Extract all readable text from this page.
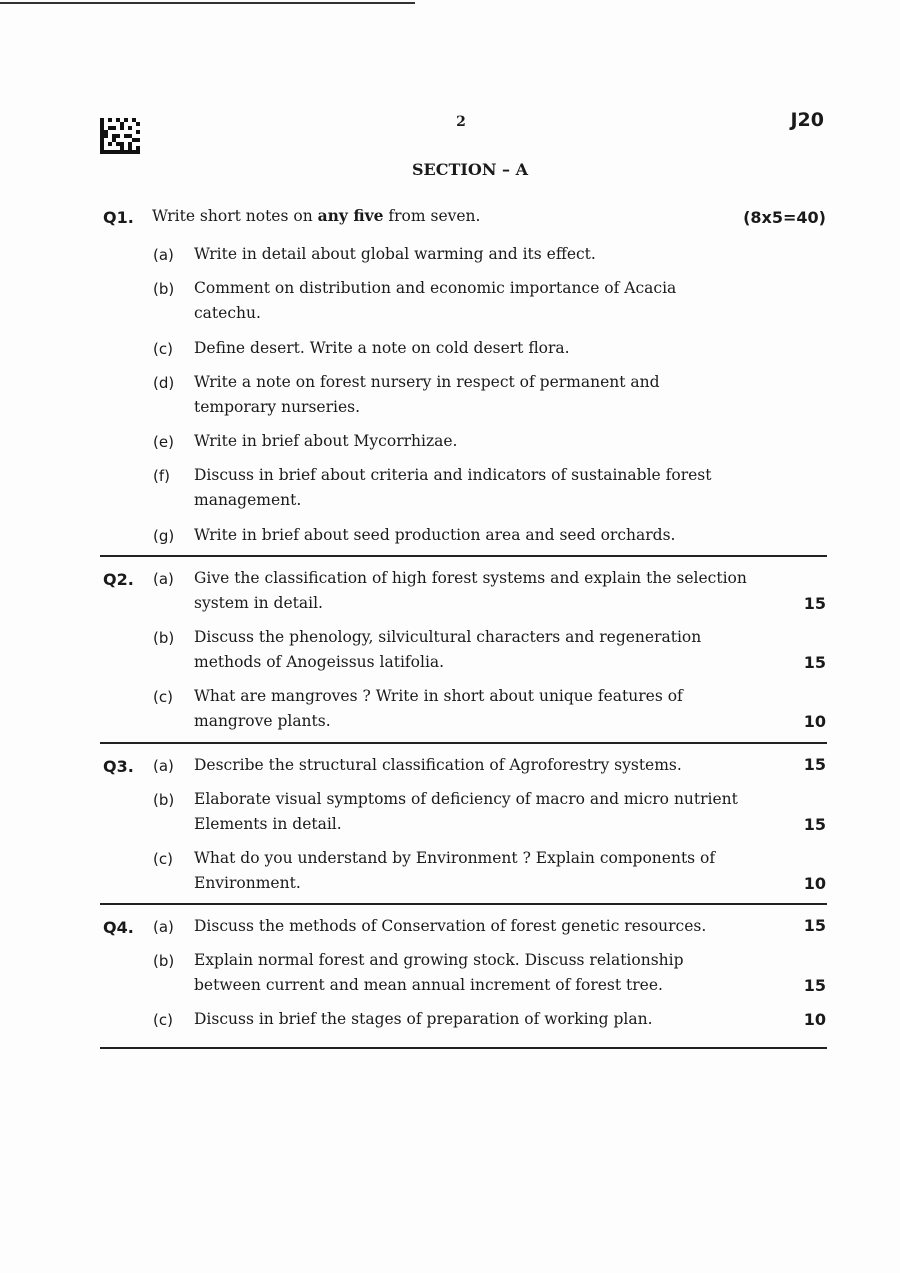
2	J20
SECTION – A
Q1. Write short notes on any five from seven.	(8x5=40)
(a) Write in detail about global warming and its effect.
(b) Comment on distribution and economic importance of Acacia catechu.
(c) Define desert. Write a note on cold desert flora.
(d) Write a note on forest nursery in respect of permanent and temporary nurseries.
(e) Write in brief about Mycorrhizae.
(f) Discuss in brief about criteria and indicators of sustainable forest management.
(g) Write in brief about seed production area and seed orchards.
Q2. (a) Give the classification of high forest systems and explain the selection system in detail.	15
(b) Discuss the phenology, silvicultural characters and regeneration methods of Anogeissus latifolia.	15
(c) What are mangroves ? Write in short about unique features of mangrove plants.	10
Q3. (a) Describe the structural classification of Agroforestry systems.	15
(b) Elaborate visual symptoms of deficiency of macro and micro nutrient Elements in detail.	15
(c) What do you understand by Environment ? Explain components of Environment.	10
Q4. (a) Discuss the methods of Conservation of forest genetic resources.	15
(b) Explain normal forest and growing stock. Discuss relationship between current and mean annual increment of forest tree.	15
(c) Discuss in brief the stages of preparation of working plan.	10
